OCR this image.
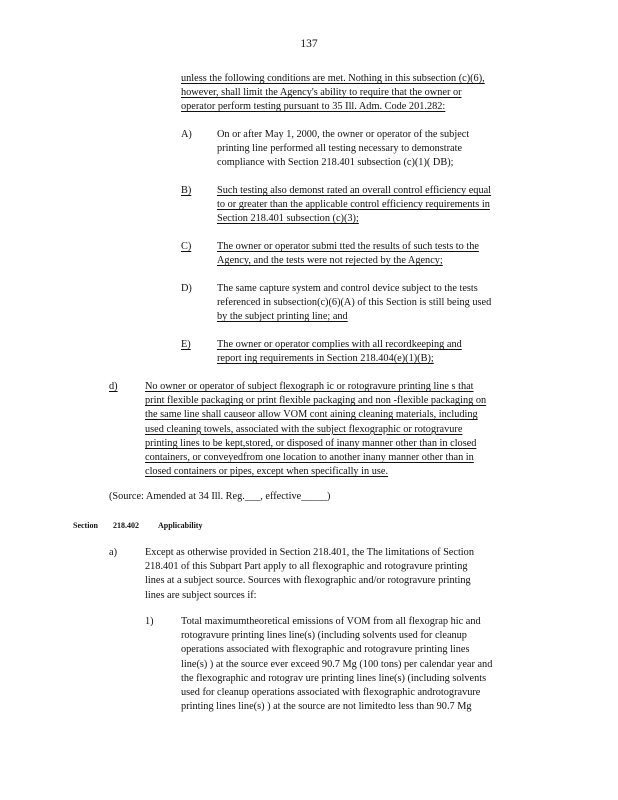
137
unless the following conditions are met. Nothing in this subsection (c)(6),
however, shall limit the Agency's ability to require that the owner or
operator perform testing pursuant to 35 Ill. Adm. Code 201.282:
A) On or after May 1, 2000, the owner or operator of the subject
printing line performed all testing necessary to demonstrate
compliance with Section 218.401 subsection (c)(1)( DB);
B) Such testing also demonst rated an overall control efficiency equal
to or greater than the applicable control efficiency requirements in
Section 218.401 subsection (c)(3);
C) The owner or operator submi tted the results of such tests to the
Agency, and the tests were not rejected by the Agency;
D) The same capture system and control device subject to the tests
referenced in subsection(c)(6)(A) of this Section is still being used
by the subject printing line; and
E)	The owner or operator complies with all recordkeeping and
report ing requirements in Section 218.404(e)(1)(B);
d)	No owner or operator of subject flexograph ic or rotogravure printing line s that
print flexible packaging or print flexible packaging and non -flexible packaging on
the same line shall causeor allow VOM cont aining cleaning materials, including
used cleaning towels, associated with the subject flexographic or rotogravure
printing lines to be kept,stored, or disposed of inany manner other than in closed
containers, or conveyedfrom one location to another inany manner other than in
closed containers or pipes, except when specifically in use.
(Source: Amended at 34 Ill. Reg.___, effective_____)
Section 218.402 Applicability
a)	Except as otherwise provided in Section 218.401, the The limitations of Section
218.401 of this Subpart Part apply to all flexographic and rotogravure printing
lines at a subject source. Sources with flexographic and/or rotogravure printing
lines are subject sources if:
1)	Total maximumtheoretical emissions of VOM from all flexograp hic and
rotogravure printing lines line(s) (including solvents used for cleanup
operations associated with flexographic and rotogravure printing lines
line(s) ) at the source ever exceed 90.7 Mg (100 tons) per calendar year and
the flexographic and rotograv ure printing lines line(s) (including solvents
used for cleanup operations associated with flexographic androtogravure
printing lines line(s) ) at the source are not limitedto less than 90.7 Mg
